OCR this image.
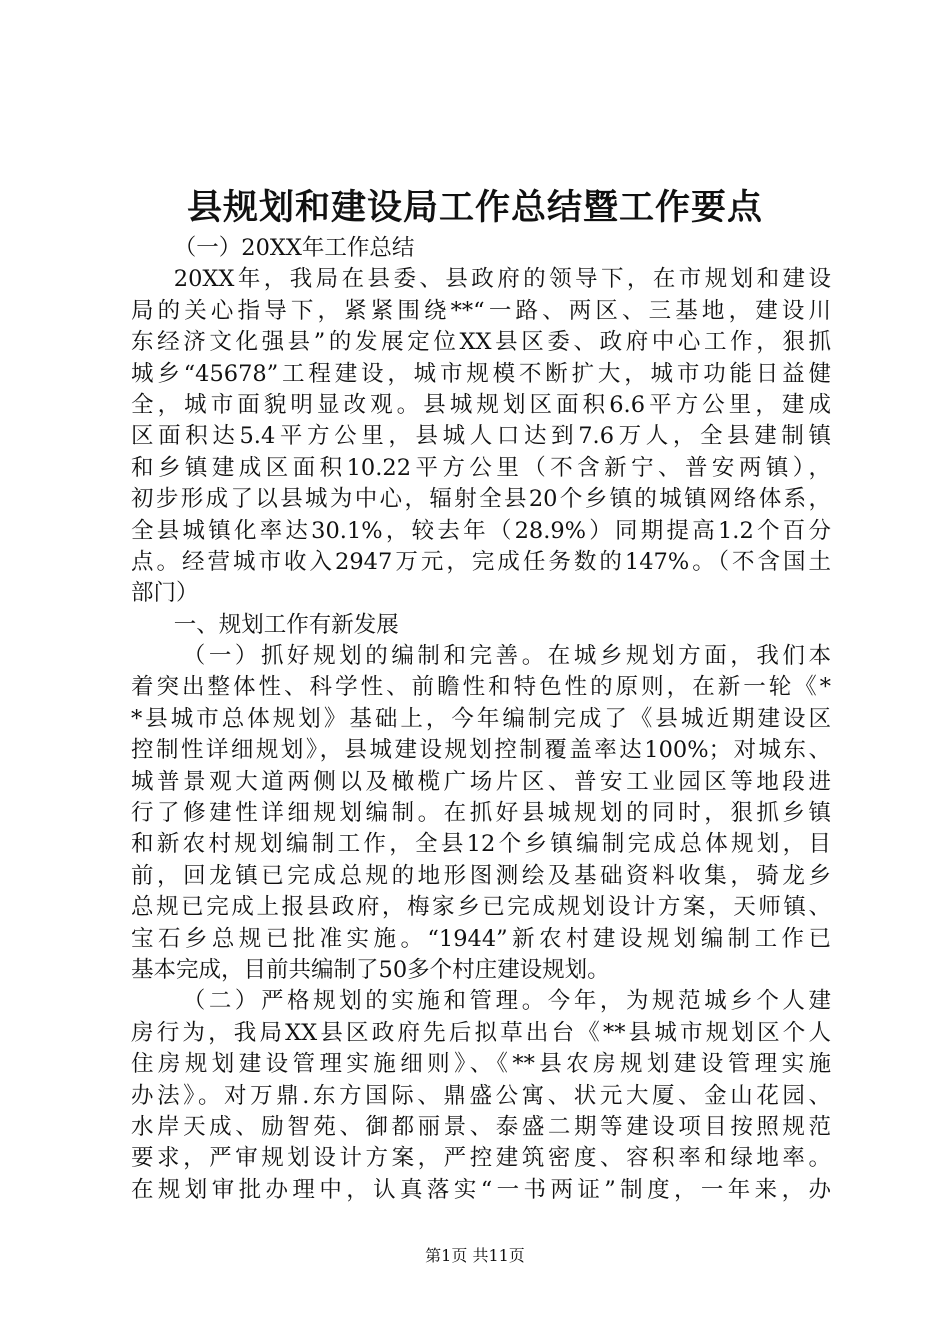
县规划和建设局工作总结暨工作要点
（一）20XX年工作总结
20XX年，我局在县委、县政府的领导下，在市规划和建设
局的关心指导下，紧紧围绕**“一路、两区、三基地，建设川
东经济文化强县”的发展定位XX县区委、政府中心工作，狠抓
城乡“45678”工程建设，城市规模不断扩大，城市功能日益健
全，城市面貌明显改观。县城规划区面积6.6平方公里，建成
区面积达5.4平方公里，县城人口达到7.6万人，全县建制镇
和乡镇建成区面积10.22平方公里（不含新宁、普安两镇），
初步形成了以县城为中心，辐射全县20个乡镇的城镇网络体系，
全县城镇化率达30.1%，较去年（28.9%）同期提高1.2个百分
点。经营城市收入2947万元，完成任务数的147%。（不含国土
部门）
一、规划工作有新发展
（一）抓好规划的编制和完善。在城乡规划方面，我们本
着突出整体性、科学性、前瞻性和特色性的原则，在新一轮《*
*县城市总体规划》基础上，今年编制完成了《县城近期建设区
控制性详细规划》，县城建设规划控制覆盖率达100%；对城东、
城普景观大道两侧以及橄榄广场片区、普安工业园区等地段进
行了修建性详细规划编制。在抓好县城规划的同时，狠抓乡镇
和新农村规划编制工作，全县12个乡镇编制完成总体规划，目
前，回龙镇已完成总规的地形图测绘及基础资料收集，骑龙乡
总规已完成上报县政府，梅家乡已完成规划设计方案，天师镇、
宝石乡总规已批准实施。“1944”新农村建设规划编制工作已
基本完成，目前共编制了50多个村庄建设规划。
（二）严格规划的实施和管理。今年，为规范城乡个人建
房行为，我局XX县区政府先后拟草出台《**县城市规划区个人
住房规划建设管理实施细则》、《**县农房规划建设管理实施
办法》。对万鼎.东方国际、鼎盛公寓、状元大厦、金山花园、
水岸天成、励智苑、御都丽景、泰盛二期等建设项目按照规范
要求，严审规划设计方案，严控建筑密度、容积率和绿地率。
在规划审批办理中，认真落实“一书两证”制度，一年来，办
第1页 共11页
